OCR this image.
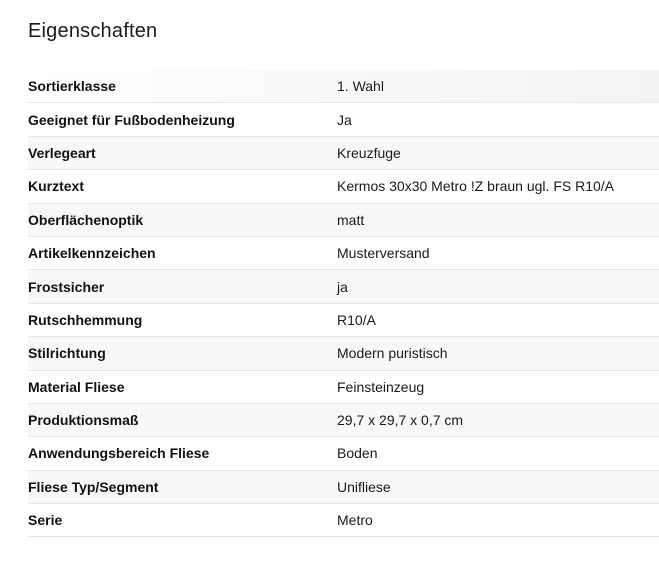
Eigenschaften
Sortierklasse	1. Wahl
Geeignet für Fußbodenheizung	Ja
Verlegeart	Kreuzfuge
Kurztext	Kermos 30x30 Metro !Z braun ugl. FS R10/A
Oberflächenoptik	matt
Artikelkennzeichen	Musterversand
Frostsicher	ja
Rutschhemmung	R10/A
Stilrichtung	Modern puristisch
Material Fliese	Feinsteinzeug
Produktionsmaß	29,7 x 29,7 x 0,7 cm
Anwendungsbereich Fliese	Boden
Fliese Typ/Segment	Unifliese
Serie	Metro
